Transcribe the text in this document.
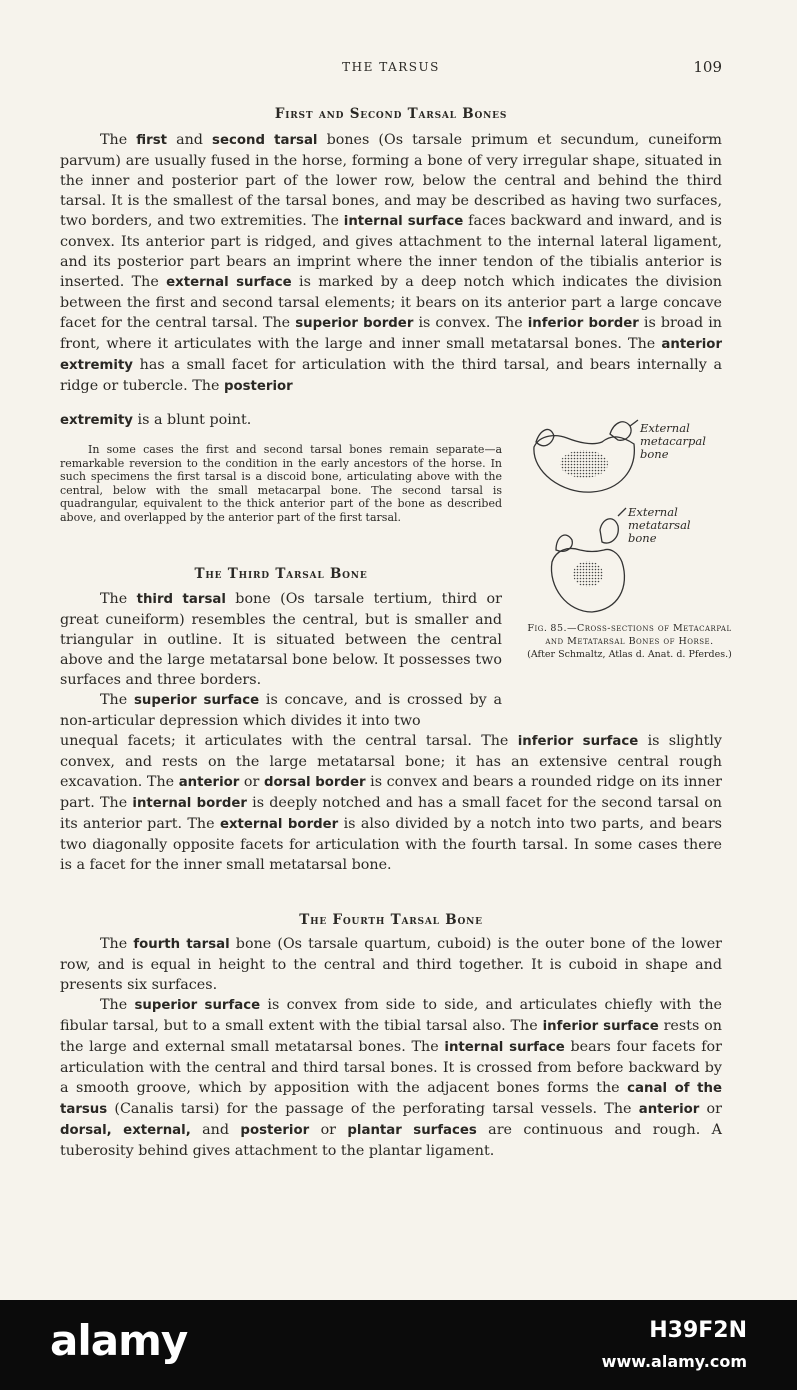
THE TARSUS	109
First and Second Tarsal Bones

The first and second tarsal bones (Os tarsale primum et secundum, cuneiform parvum) are usually fused in the horse, forming a bone of very irregular shape, situated in the inner and posterior part of the lower row, below the central and behind the third tarsal. It is the smallest of the tarsal bones, and may be described as having two surfaces, two borders, and two extremities. The internal surface faces backward and inward, and is convex. Its anterior part is ridged, and gives attachment to the internal lateral ligament, and its posterior part bears an imprint where the inner tendon of the tibialis anterior is inserted. The external surface is marked by a deep notch which indicates the division between the first and second tarsal elements; it bears on its anterior part a large concave facet for the central tarsal. The superior border is convex. The inferior border is broad in front, where it articulates with the large and inner small metatarsal bones. The anterior extremity has a small facet for articulation with the third tarsal, and bears internally a ridge or tubercle. The posterior

extremity is a blunt point.

In some cases the first and second tarsal bones remain separate—a remarkable reversion to the condition in the early ancestors of the horse. In such specimens the first tarsal is a discoid bone, articulating above with the central, below with the small metacarpal bone. The second tarsal is quadrangular, equivalent to the thick anterior part of the bone as described above, and overlapped by the anterior part of the first tarsal.

The Third Tarsal Bone

The third tarsal bone (Os tarsale tertium, third or great cuneiform) resembles the central, but is smaller and triangular in outline. It is situated between the central above and the large metatarsal bone below. It possesses two surfaces and three borders.

The superior surface is concave, and is crossed by a non-articular depression which divides it into two

unequal facets; it articulates with the central tarsal. The inferior surface is slightly convex, and rests on the large metatarsal bone; it has an extensive central rough excavation. The anterior or dorsal border is convex and bears a rounded ridge on its inner part. The internal border is deeply notched and has a small facet for the second tarsal on its anterior part. The external border is also divided by a notch into two parts, and bears two diagonally opposite facets for articulation with the fourth tarsal. In some cases there is a facet for the inner small metatarsal bone.

The Fourth Tarsal Bone

The fourth tarsal bone (Os tarsale quartum, cuboid) is the outer bone of the lower row, and is equal in height to the central and third together. It is cuboid in shape and presents six surfaces.

The superior surface is convex from side to side, and articulates chiefly with the fibular tarsal, but to a small extent with the tibial tarsal also. The inferior surface rests on the large and external small metatarsal bones. The internal surface bears four facets for articulation with the central and third tarsal bones. It is crossed from before backward by a smooth groove, which by apposition with the adjacent bones forms the canal of the tarsus (Canalis tarsi) for the passage of the perforating tarsal vessels. The anterior or dorsal, external, and posterior or plantar surfaces are continuous and rough. A tuberosity behind gives attachment to the plantar ligament.

External
metacarpal
bone
External
metatarsal
bone
Fig. 85.—Cross-sections of Metacarpal and Metatarsal Bones of Horse.
(After Schmaltz, Atlas d. Anat. d. Pferdes.)
alamy	H39F2N
www.alamy.com
